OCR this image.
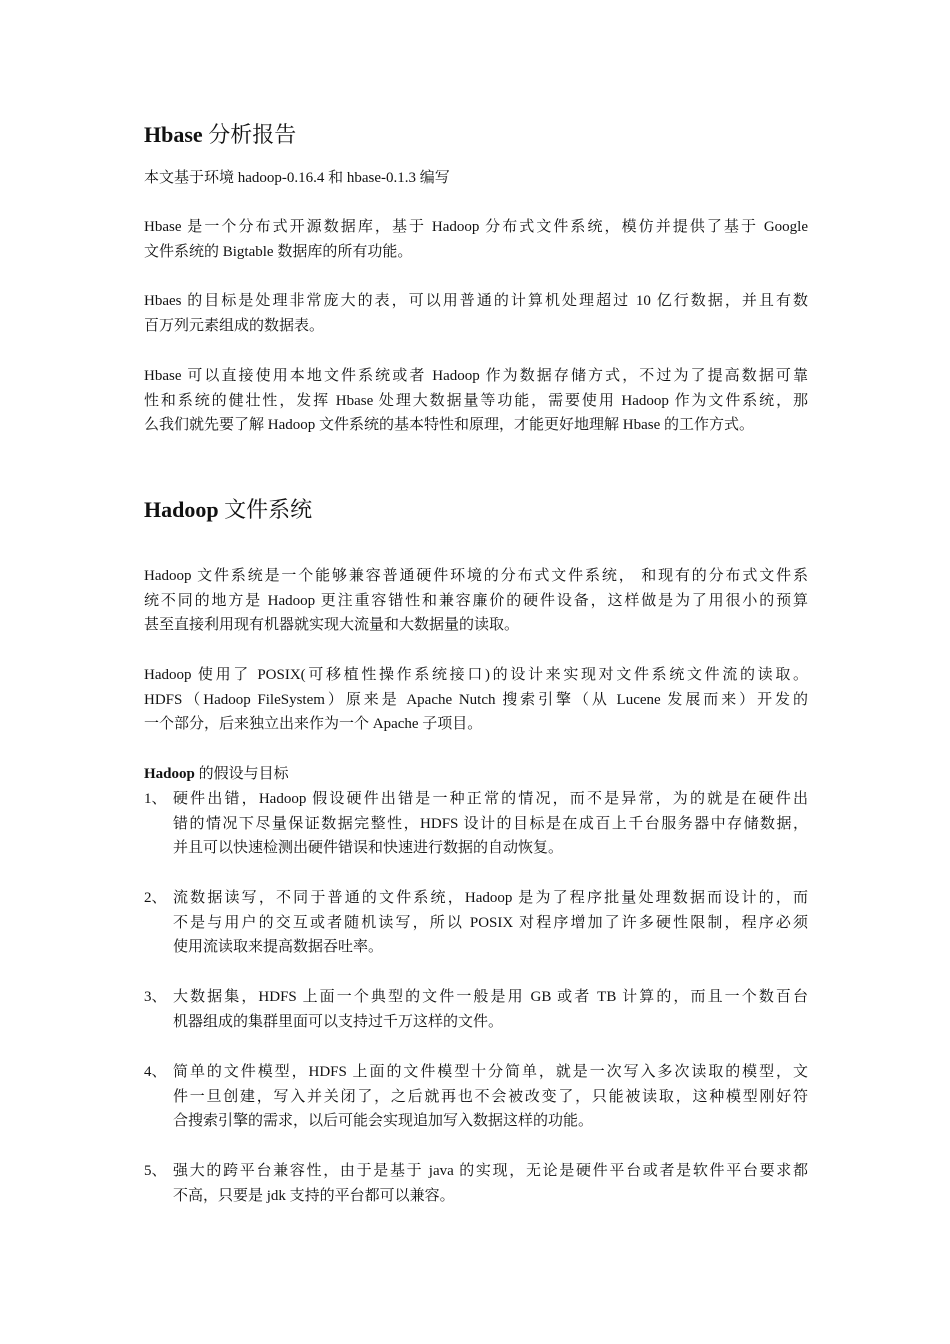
Hbase 分析报告
本文基于环境 hadoop-0.16.4 和 hbase-0.1.3 编写
Hbase 是一个分布式开源数据库，基于 Hadoop 分布式文件系统，模仿并提供了基于 Google
文件系统的 Bigtable 数据库的所有功能。
Hbaes 的目标是处理非常庞大的表，可以用普通的计算机处理超过 10 亿行数据，并且有数
百万列元素组成的数据表。
Hbase 可以直接使用本地文件系统或者 Hadoop 作为数据存储方式，不过为了提高数据可靠
性和系统的健壮性，发挥 Hbase 处理大数据量等功能，需要使用 Hadoop 作为文件系统，那
么我们就先要了解 Hadoop 文件系统的基本特性和原理，才能更好地理解 Hbase 的工作方式。
Hadoop 文件系统
Hadoop 文件系统是一个能够兼容普通硬件环境的分布式文件系统， 和现有的分布式文件系
统不同的地方是 Hadoop 更注重容错性和兼容廉价的硬件设备，这样做是为了用很小的预算
甚至直接利用现有机器就实现大流量和大数据量的读取。
Hadoop 使用了 POSIX(可移植性操作系统接口)的设计来实现对文件系统文件流的读取。
HDFS（Hadoop FileSystem）原来是 Apache Nutch 搜索引擎（从 Lucene 发展而来）开发的
一个部分，后来独立出来作为一个 Apache 子项目。
Hadoop 的假设与目标
1、 硬件出错，Hadoop 假设硬件出错是一种正常的情况，而不是异常，为的就是在硬件出
错的情况下尽量保证数据完整性，HDFS 设计的目标是在成百上千台服务器中存储数据，
并且可以快速检测出硬件错误和快速进行数据的自动恢复。
2、 流数据读写，不同于普通的文件系统，Hadoop 是为了程序批量处理数据而设计的，而
不是与用户的交互或者随机读写，所以 POSIX 对程序增加了许多硬性限制，程序必须
使用流读取来提高数据吞吐率。
3、 大数据集，HDFS 上面一个典型的文件一般是用 GB 或者 TB 计算的，而且一个数百台
机器组成的集群里面可以支持过千万这样的文件。
4、 简单的文件模型，HDFS 上面的文件模型十分简单，就是一次写入多次读取的模型，文
件一旦创建，写入并关闭了，之后就再也不会被改变了，只能被读取，这种模型刚好符
合搜索引擎的需求，以后可能会实现追加写入数据这样的功能。
5、 强大的跨平台兼容性，由于是基于 java 的实现，无论是硬件平台或者是软件平台要求都
不高，只要是 jdk 支持的平台都可以兼容。
